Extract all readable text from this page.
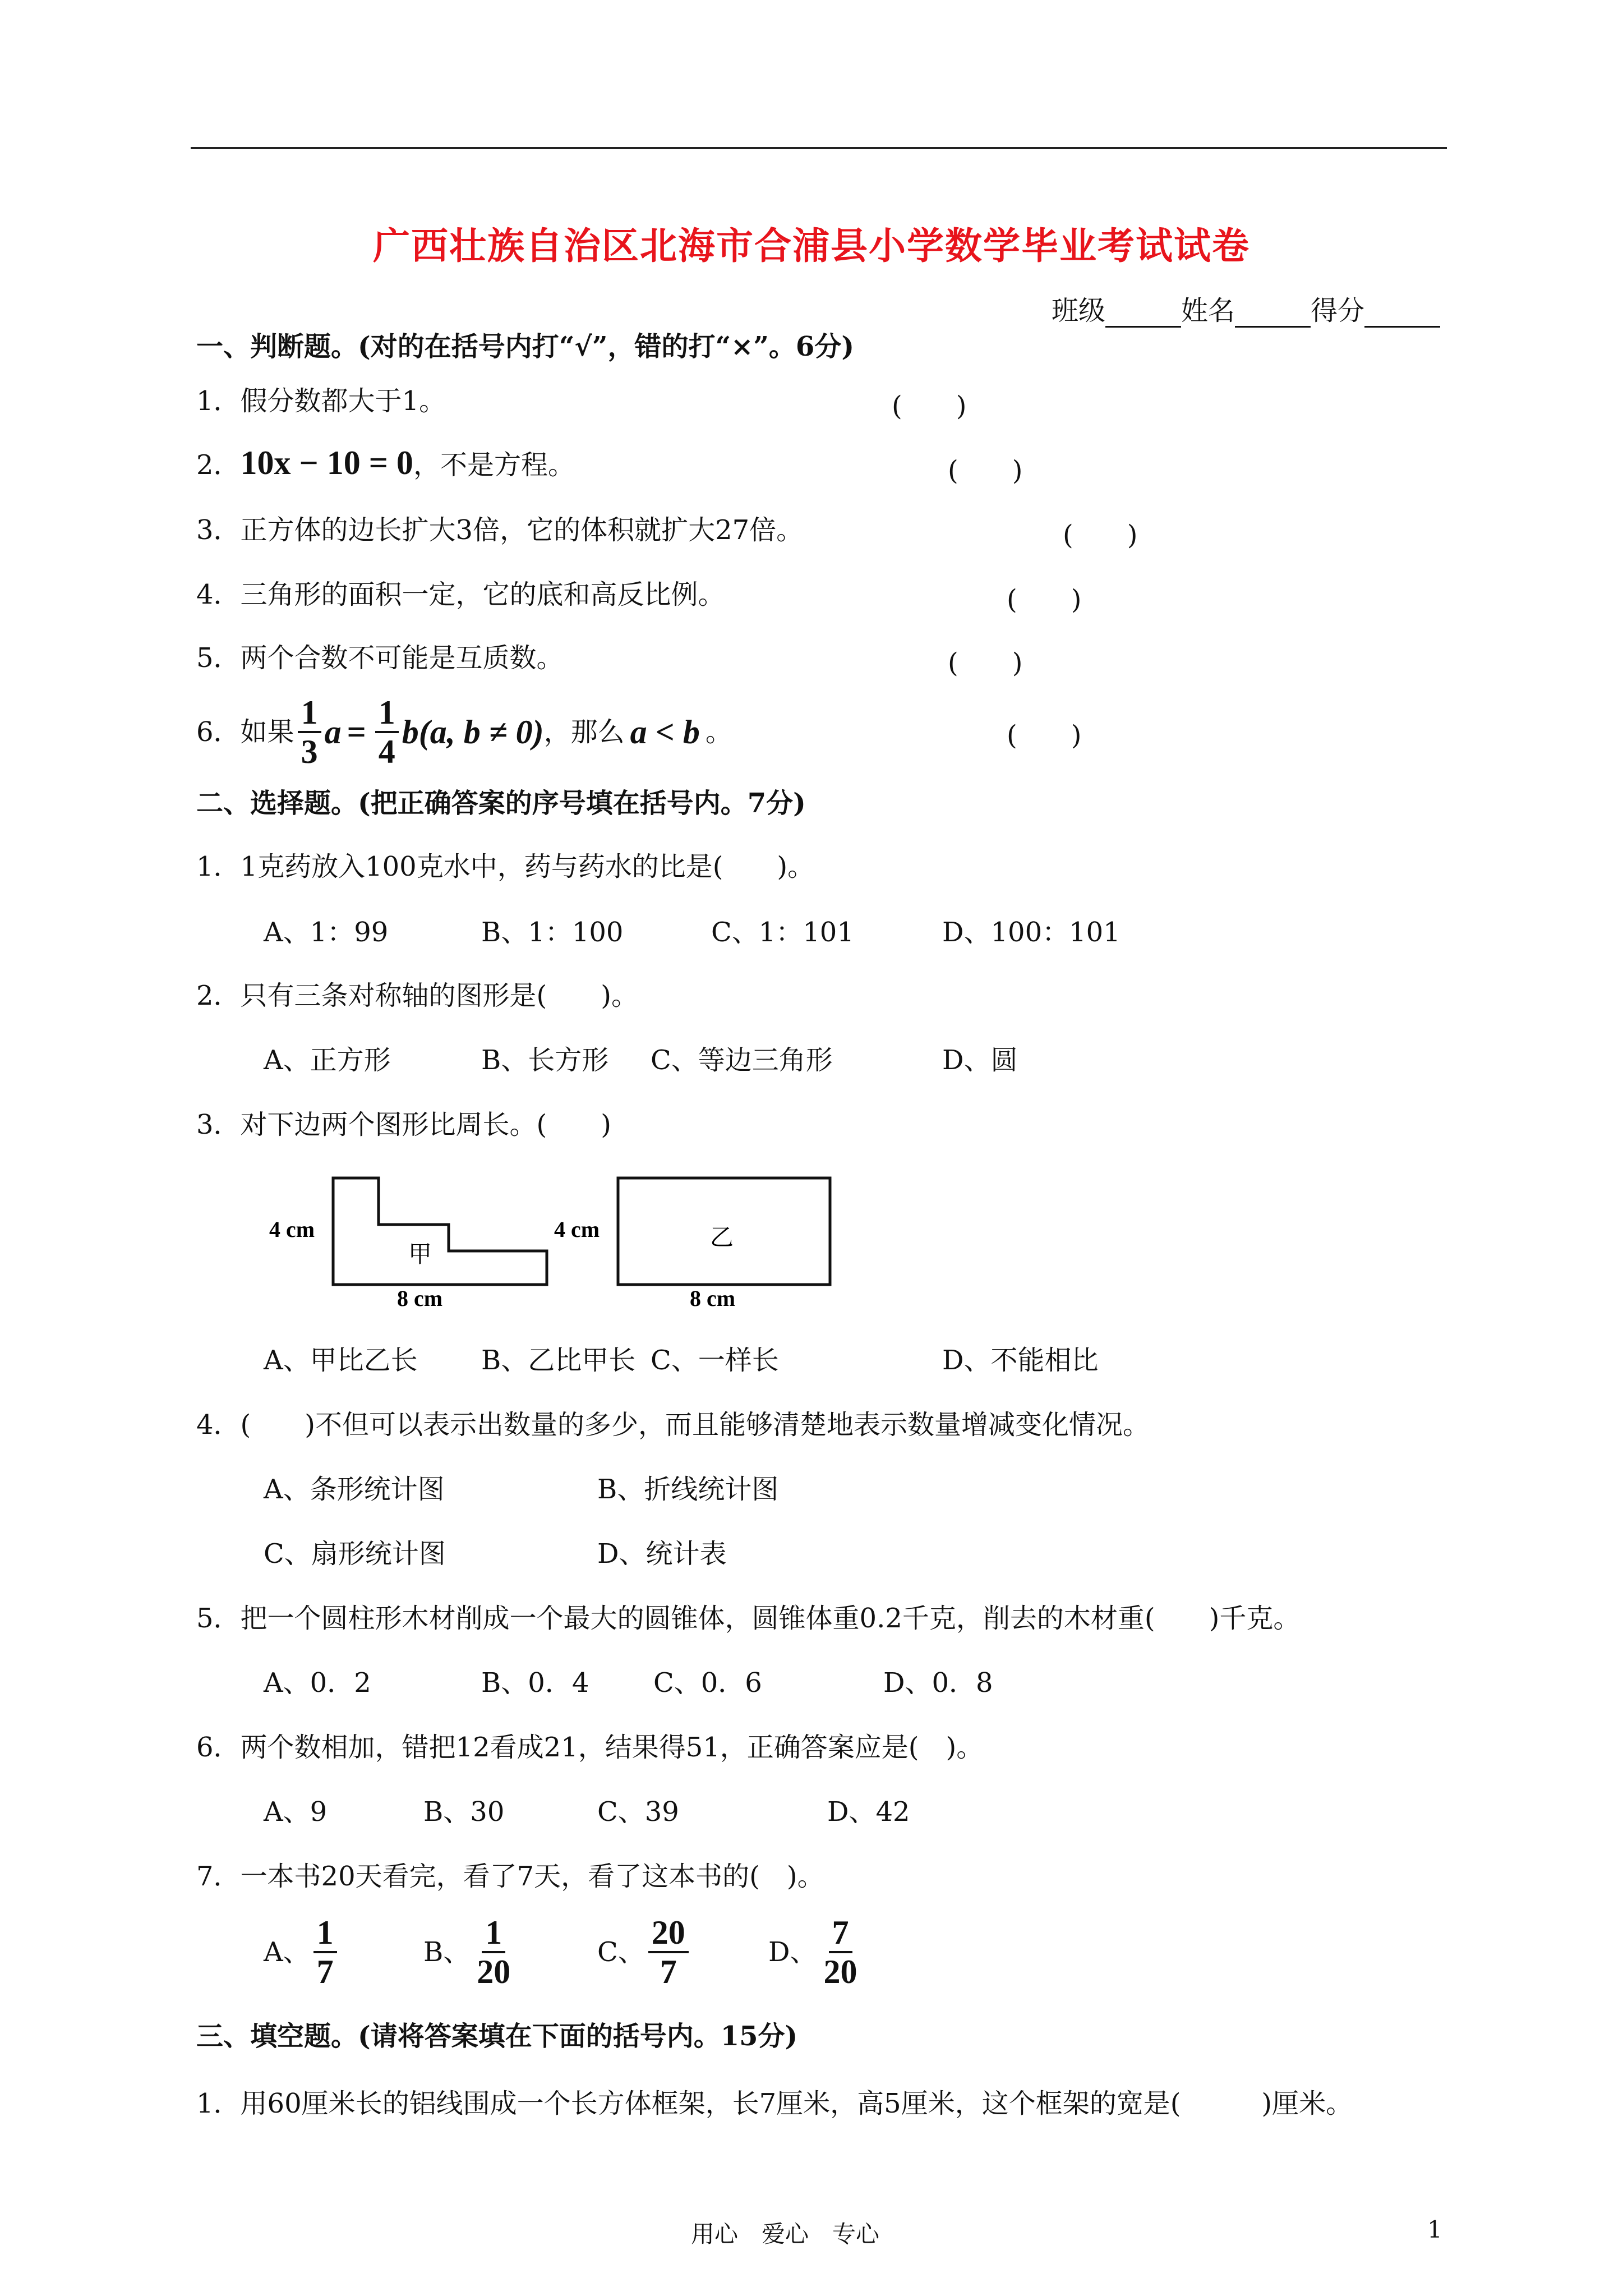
广西壮族自治区北海市合浦县小学数学毕业考试试卷
班级	姓名	得分
一、判断题。(对的在括号内打“√”，错的打“×”。6分)
1．假分数都大于1。	(　　)
2．10x − 10 = 0，不是方程。	(　　)
3．正方体的边长扩大3倍，它的体积就扩大27倍。	(　　)
4．三角形的面积一定，它的底和高反比例。	(　　)
5．两个合数不可能是互质数。	(　　)
6． 如果 $\frac{1}{3}$ $a = \frac{1}{4} b(a$, b ≠ 0) ，那么 a < b 。	(　　)
二、选择题。(把正确答案的序号填在括号内。7分)
1．1克药放入100克水中，药与药水的比是(　　)。
A、1：99	B、1：100	C、1：101	D、100：101
2．只有三条对称轴的图形是(　　)。
A、正方形	B、长方形 C、等边三角形	D、圆
3．对下边两个图形比周长。(　　)
4 cm
8 cm
甲
4 cm
8 cm
乙
A、甲比乙长 B、乙比甲长 C、一样长	D、不能相比
4．(　　)不但可以表示出数量的多少，而且能够清楚地表示数量增减变化情况。
A、条形统计图	B、折线统计图
C、扇形统计图	D、统计表
5．把一个圆柱形木材削成一个最大的圆锥体，圆锥体重0.2千克，削去的木材重(　　)千克。
A、0．2	B、0．4 C、0．6	D、0．8
6．两个数相加，错把12看成21，结果得51，正确答案应是(　)。
A、9	B、30	C、39	D、42
7．一本书20天看完，看了7天，看了这本书的(　)。
A、 $\frac{1}{7}$	B、 $\frac{1}{20}$	C、 $\frac{20}{7}$	D、 $\frac{7}{20}$
三、填空题。(请将答案填在下面的括号内。15分)
1．用60厘米长的铝线围成一个长方体框架，长7厘米，高5厘米，这个框架的宽是(　　　)厘米。
用心　爱心　专心	1
